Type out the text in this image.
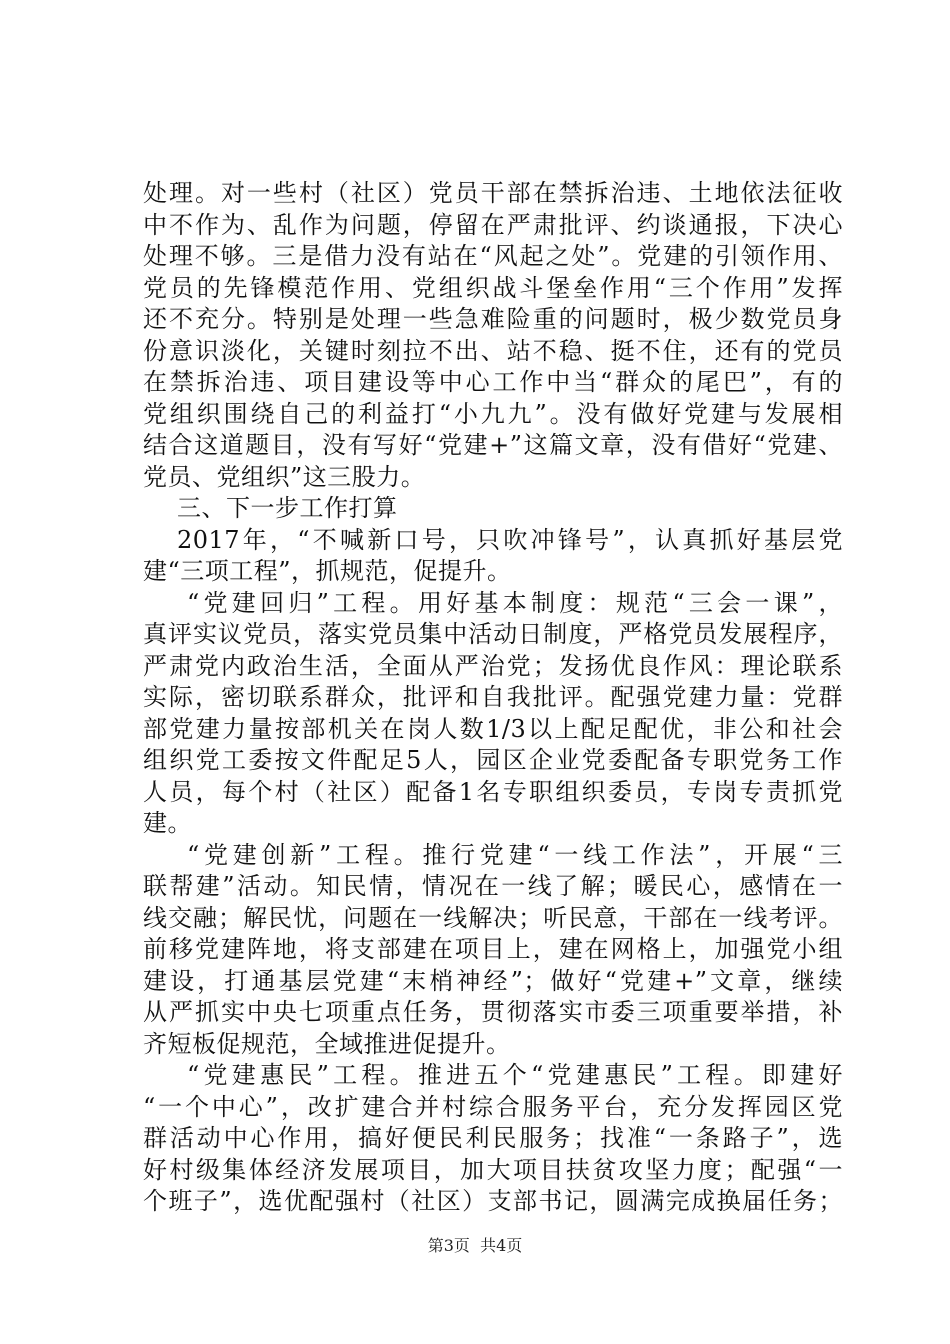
处理。对一些村（社区）党员干部在禁拆治违、土地依法征收
中不作为、乱作为问题，停留在严肃批评、约谈通报，下决心
处理不够。三是借力没有站在“风起之处”。党建的引领作用、
党员的先锋模范作用、党组织战斗堡垒作用“三个作用”发挥
还不充分。特别是处理一些急难险重的问题时，极少数党员身
份意识淡化，关键时刻拉不出、站不稳、挺不住，还有的党员
在禁拆治违、项目建设等中心工作中当“群众的尾巴”，有的
党组织围绕自己的利益打“小九九”。没有做好党建与发展相
结合这道题目，没有写好“党建+”这篇文章，没有借好“党建、
党员、党组织”这三股力。
三、下一步工作打算
2017年，“不喊新口号，只吹冲锋号”，认真抓好基层党
建“三项工程”，抓规范，促提升。
“党建回归”工程。用好基本制度：规范“三会一课”，
真评实议党员，落实党员集中活动日制度，严格党员发展程序，
严肃党内政治生活，全面从严治党；发扬优良作风：理论联系
实际，密切联系群众，批评和自我批评。配强党建力量：党群
部党建力量按部机关在岗人数1/3以上配足配优，非公和社会
组织党工委按文件配足5人，园区企业党委配备专职党务工作
人员，每个村（社区）配备1名专职组织委员，专岗专责抓党
建。
“党建创新”工程。推行党建“一线工作法”，开展“三
联帮建”活动。知民情，情况在一线了解；暖民心，感情在一
线交融；解民忧，问题在一线解决；听民意，干部在一线考评。
前移党建阵地，将支部建在项目上，建在网格上，加强党小组
建设，打通基层党建“末梢神经”；做好“党建+”文章，继续
从严抓实中央七项重点任务，贯彻落实市委三项重要举措，补
齐短板促规范，全域推进促提升。
“党建惠民”工程。推进五个“党建惠民”工程。即建好
“一个中心”，改扩建合并村综合服务平台，充分发挥园区党
群活动中心作用，搞好便民利民服务；找准“一条路子”，选
好村级集体经济发展项目，加大项目扶贫攻坚力度；配强“一
个班子”，选优配强村（社区）支部书记，圆满完成换届任务；
第3页  共4页
